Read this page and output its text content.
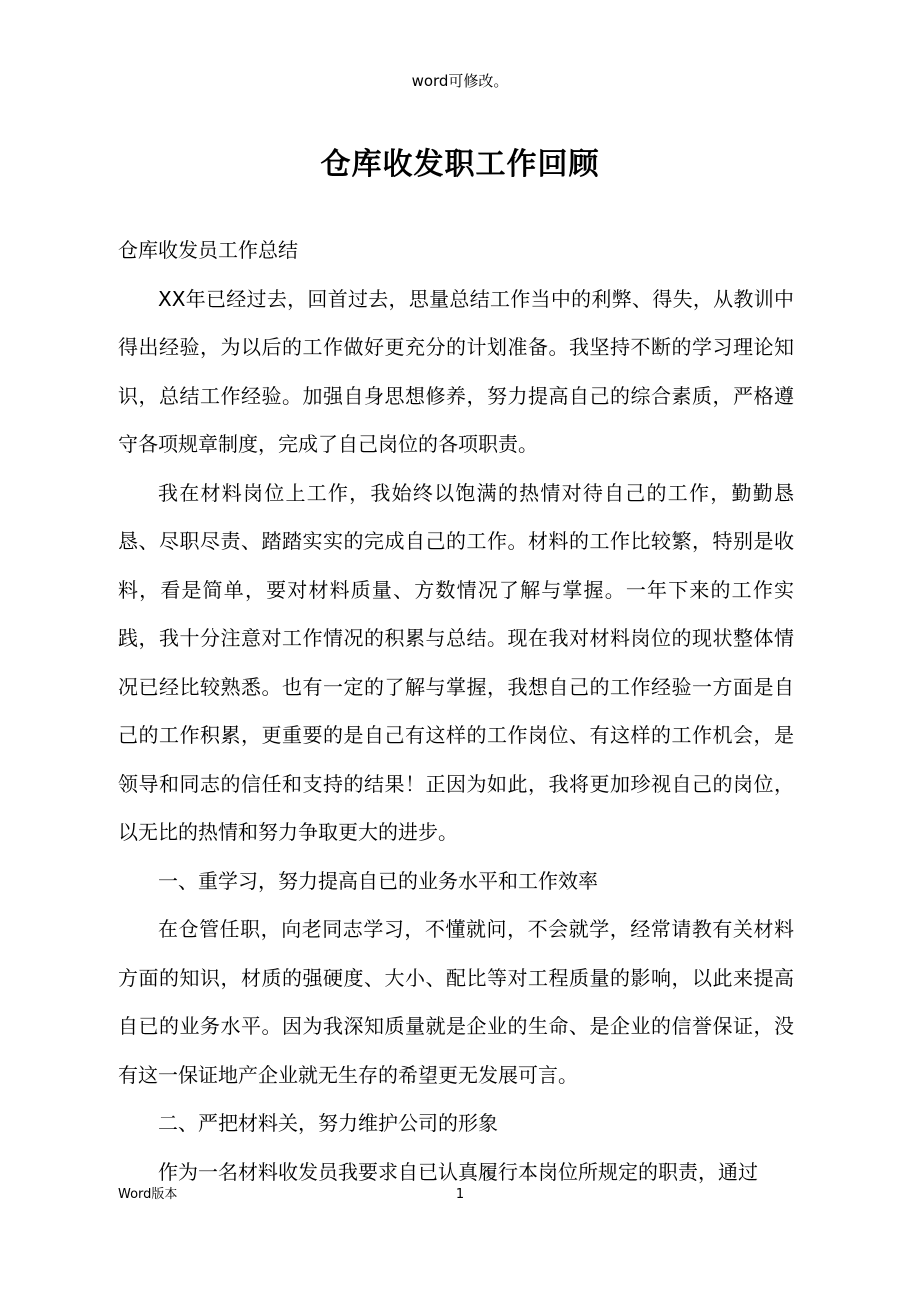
word可修改。
仓库收发职工作回顾

仓库收发员工作总结

XX年已经过去，回首过去，思量总结工作当中的利弊、得失，从教训中得出经验，为以后的工作做好更充分的计划准备。我坚持不断的学习理论知识，总结工作经验。加强自身思想修养，努力提高自己的综合素质，严格遵守各项规章制度，完成了自己岗位的各项职责。

我在材料岗位上工作，我始终以饱满的热情对待自己的工作，勤勤恳恳、尽职尽责、踏踏实实的完成自己的工作。材料的工作比较繁，特别是收料，看是简单，要对材料质量、方数情况了解与掌握。一年下来的工作实践，我十分注意对工作情况的积累与总结。现在我对材料岗位的现状整体情况已经比较熟悉。也有一定的了解与掌握，我想自己的工作经验一方面是自己的工作积累，更重要的是自己有这样的工作岗位、有这样的工作机会，是领导和同志的信任和支持的结果！正因为如此，我将更加珍视自己的岗位，以无比的热情和努力争取更大的进步。

一、重学习，努力提高自已的业务水平和工作效率

在仓管任职，向老同志学习，不懂就问，不会就学，经常请教有关材料方面的知识，材质的强硬度、大小、配比等对工程质量的影响，以此来提高自已的业务水平。因为我深知质量就是企业的生命、是企业的信誉保证，没有这一保证地产企业就无生存的希望更无发展可言。

二、严把材料关，努力维护公司的形象

作为一名材料收发员我要求自已认真履行本岗位所规定的职责，通过

Word版本	1
